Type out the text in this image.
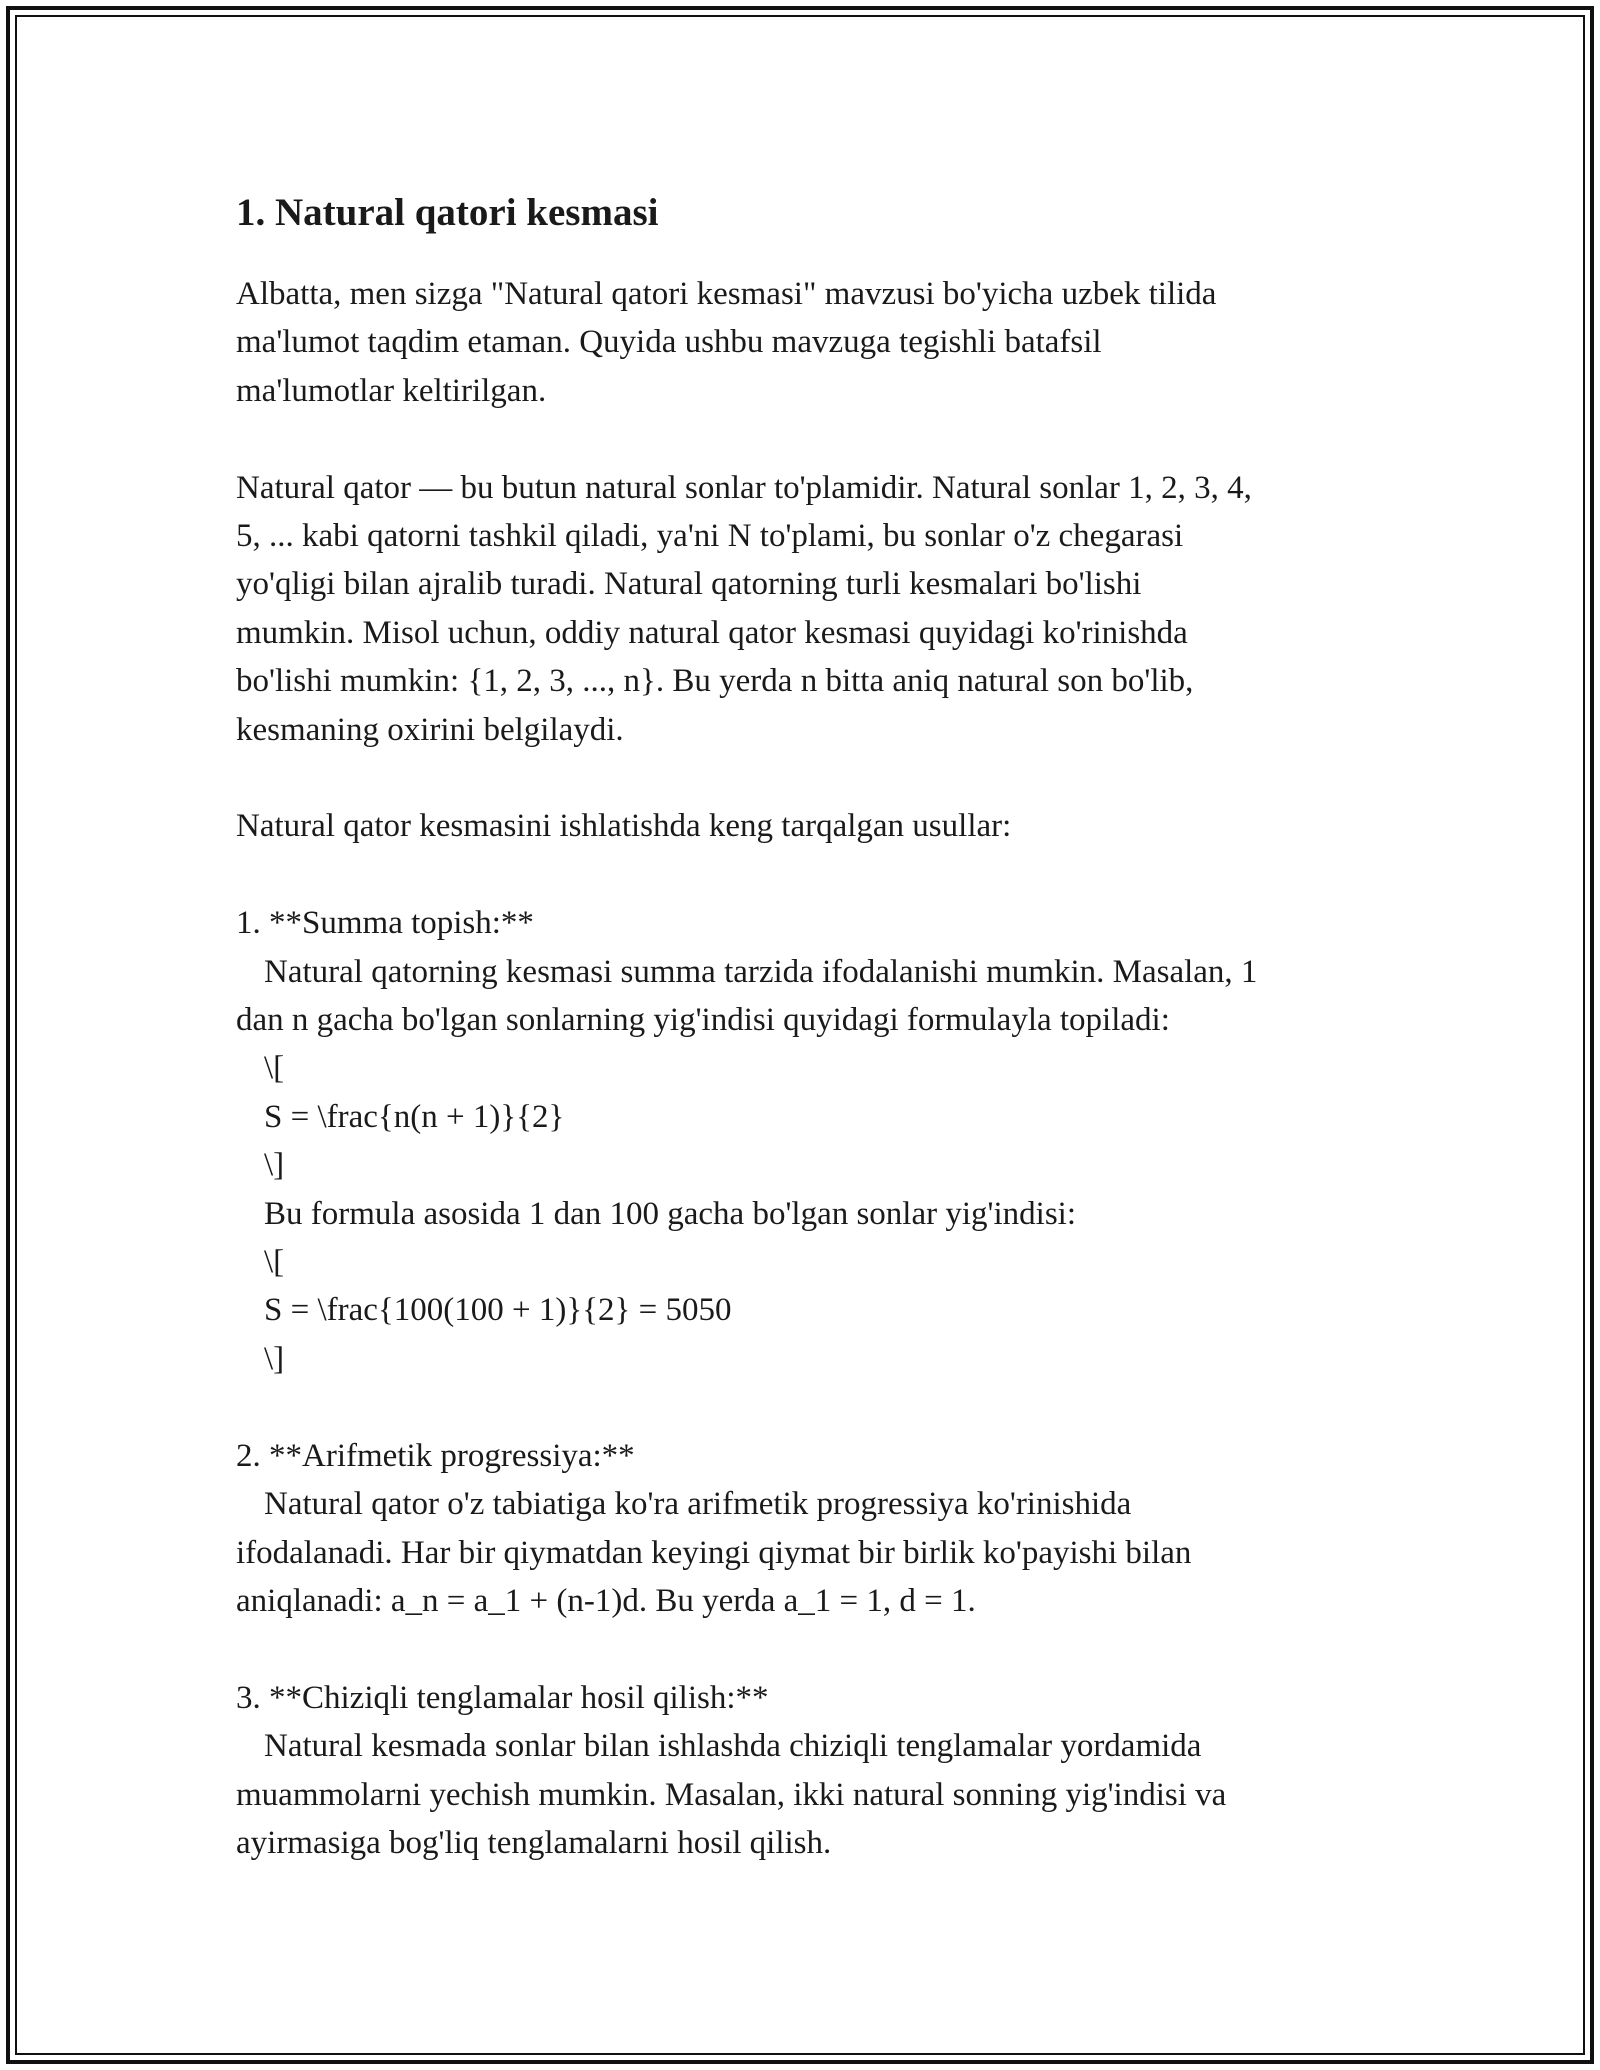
1. Natural qatori kesmasi

Albatta, men sizga "Natural qatori kesmasi" mavzusi bo'yicha uzbek tilida

ma'lumot taqdim etaman. Quyida ushbu mavzuga tegishli batafsil

ma'lumotlar keltirilgan.

Natural qator — bu butun natural sonlar to'plamidir. Natural sonlar 1, 2, 3, 4,

5, ... kabi qatorni tashkil qiladi, ya'ni N to'plami, bu sonlar o'z chegarasi

yo'qligi bilan ajralib turadi. Natural qatorning turli kesmalari bo'lishi

mumkin. Misol uchun, oddiy natural qator kesmasi quyidagi ko'rinishda

bo'lishi mumkin: {1, 2, 3, ..., n}. Bu yerda n bitta aniq natural son bo'lib,

kesmaning oxirini belgilaydi.

Natural qator kesmasini ishlatishda keng tarqalgan usullar:

1. **Summa topish:**

Natural qatorning kesmasi summa tarzida ifodalanishi mumkin. Masalan, 1

dan n gacha bo'lgan sonlarning yig'indisi quyidagi formulayla topiladi:

\[

S = \frac{n(n + 1)}{2}

\]

Bu formula asosida 1 dan 100 gacha bo'lgan sonlar yig'indisi:

\[

S = \frac{100(100 + 1)}{2} = 5050

\]

2. **Arifmetik progressiya:**

Natural qator o'z tabiatiga ko'ra arifmetik progressiya ko'rinishida

ifodalanadi. Har bir qiymatdan keyingi qiymat bir birlik ko'payishi bilan

aniqlanadi: a_n = a_1 + (n-1)d. Bu yerda a_1 = 1, d = 1.

3. **Chiziqli tenglamalar hosil qilish:**

Natural kesmada sonlar bilan ishlashda chiziqli tenglamalar yordamida

muammolarni yechish mumkin. Masalan, ikki natural sonning yig'indisi va

ayirmasiga bog'liq tenglamalarni hosil qilish.
